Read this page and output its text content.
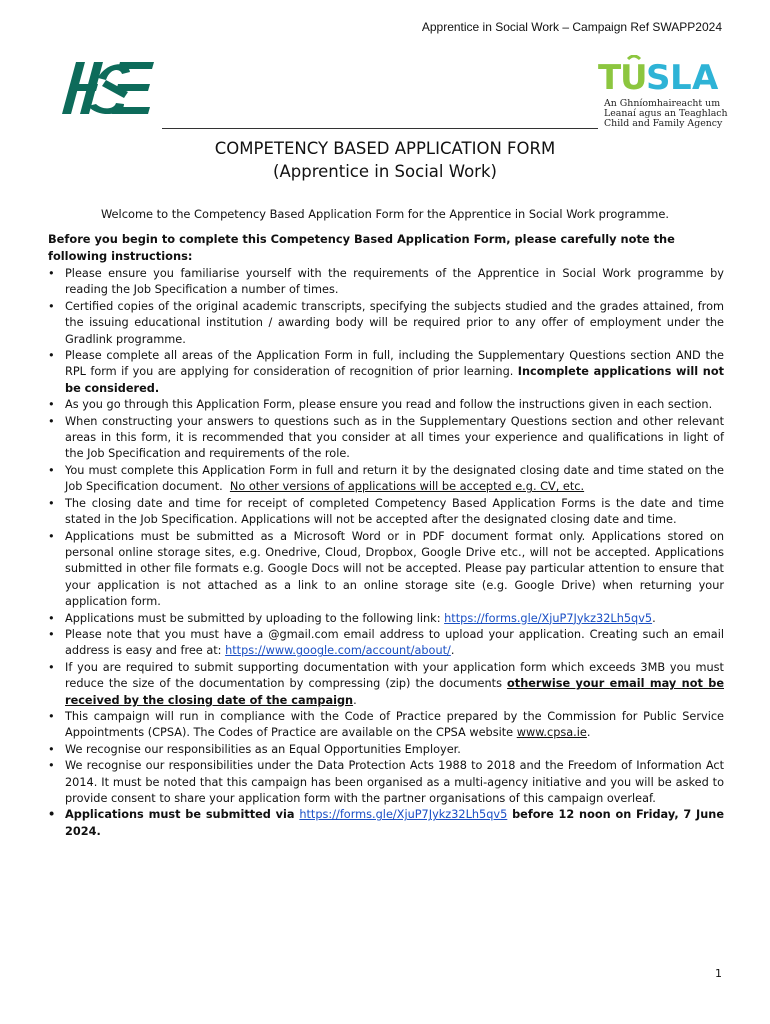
Apprentice in Social Work – Campaign Ref SWAPP2024
T
U
S L A
An Ghníomhaireacht um
Leanaí agus an Teaghlach
Child and Family Agency
COMPETENCY BASED APPLICATION FORM
(Apprentice in Social Work)
Welcome to the Competency Based Application Form for the Apprentice in Social Work programme.
Before you begin to complete this Competency Based Application Form, please carefully note the following instructions:
• Please ensure you familiarise yourself with the requirements of the Apprentice in Social Work programme by reading the Job Specification a number of times.
• Certified copies of the original academic transcripts, specifying the subjects studied and the grades attained, from the issuing educational institution / awarding body will be required prior to any offer of employment under the Gradlink programme.
• Please complete all areas of the Application Form in full, including the Supplementary Questions section AND the RPL form if you are applying for consideration of recognition of prior learning. Incomplete applications will not be considered.
• As you go through this Application Form, please ensure you read and follow the instructions given in each section.
• When constructing your answers to questions such as in the Supplementary Questions section and other relevant areas in this form, it is recommended that you consider at all times your experience and qualifications in light of the Job Specification and requirements of the role.
• You must complete this Application Form in full and return it by the designated closing date and time stated on the Job Specification document. No other versions of applications will be accepted e.g. CV, etc.
• The closing date and time for receipt of completed Competency Based Application Forms is the date and time stated in the Job Specification. Applications will not be accepted after the designated closing date and time.
• Applications must be submitted as a Microsoft Word or in PDF document format only. Applications stored on personal online storage sites, e.g. Onedrive, Cloud, Dropbox, Google Drive etc., will not be accepted. Applications submitted in other file formats e.g. Google Docs will not be accepted. Please pay particular attention to ensure that your application is not attached as a link to an online storage site (e.g. Google Drive) when returning your application form.
• Applications must be submitted by uploading to the following link: https://forms.gle/XjuP7Jykz32Lh5qv5.
• Please note that you must have a @gmail.com email address to upload your application. Creating such an email address is easy and free at: https://www.google.com/account/about/.
• If you are required to submit supporting documentation with your application form which exceeds 3MB you must reduce the size of the documentation by compressing (zip) the documents otherwise your email may not be received by the closing date of the campaign.
• This campaign will run in compliance with the Code of Practice prepared by the Commission for Public Service Appointments (CPSA). The Codes of Practice are available on the CPSA website www.cpsa.ie.
• We recognise our responsibilities as an Equal Opportunities Employer.
• We recognise our responsibilities under the Data Protection Acts 1988 to 2018 and the Freedom of Information Act 2014. It must be noted that this campaign has been organised as a multi-agency initiative and you will be asked to provide consent to share your application form with the partner organisations of this campaign overleaf.
• Applications must be submitted via https://forms.gle/XjuP7Jykz32Lh5qv5 before 12 noon on Friday, 7 June 2024.
1
